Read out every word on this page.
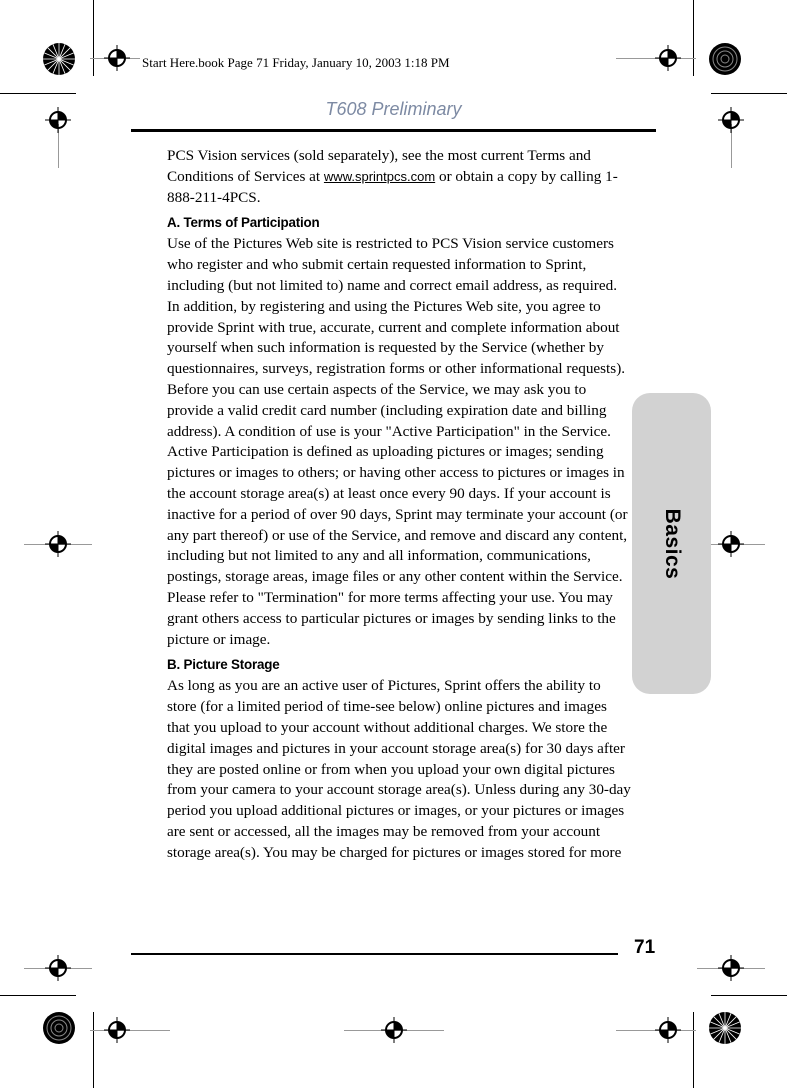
Start Here.book Page 71 Friday, January 10, 2003 1:18 PM
T608 Preliminary
Basics

PCS Vision services (sold separately), see the most current Terms and Conditions of Services at www.sprintpcs.com or obtain a copy by calling 1-888-211-4PCS.

A. Terms of Participation

Use of the Pictures Web site is restricted to PCS Vision service customers who register and who submit certain requested information to Sprint, including (but not limited to) name and correct email address, as required. In addition, by registering and using the Pictures Web site, you agree to provide Sprint with true, accurate, current and complete information about yourself when such information is requested by the Service (whether by questionnaires, surveys, registration forms or other informational requests). Before you can use certain aspects of the Service, we may ask you to provide a valid credit card number (including expiration date and billing address). A condition of use is your "Active Participation" in the Service. Active Participation is defined as uploading pictures or images; sending pictures or images to others; or having other access to pictures or images in the account storage area(s) at least once every 90 days. If your account is inactive for a period of over 90 days, Sprint may terminate your account (or any part thereof) or use of the Service, and remove and discard any content, including but not limited to any and all information, communications, postings, storage areas, image files or any other content within the Service. Please refer to "Termination" for more terms affecting your use. You may grant others access to particular pictures or images by sending links to the picture or image.

B. Picture Storage

As long as you are an active user of Pictures, Sprint offers the ability to store (for a limited period of time-see below) online pictures and images that you upload to your account without additional charges. We store the digital images and pictures in your account storage area(s) for 30 days after they are posted online or from when you upload your own digital pictures from your camera to your account storage area(s). Unless during any 30-day period you upload additional pictures or images, or your pictures or images are sent or accessed, all the images may be removed from your account storage area(s). You may be charged for pictures or images stored for more

71
